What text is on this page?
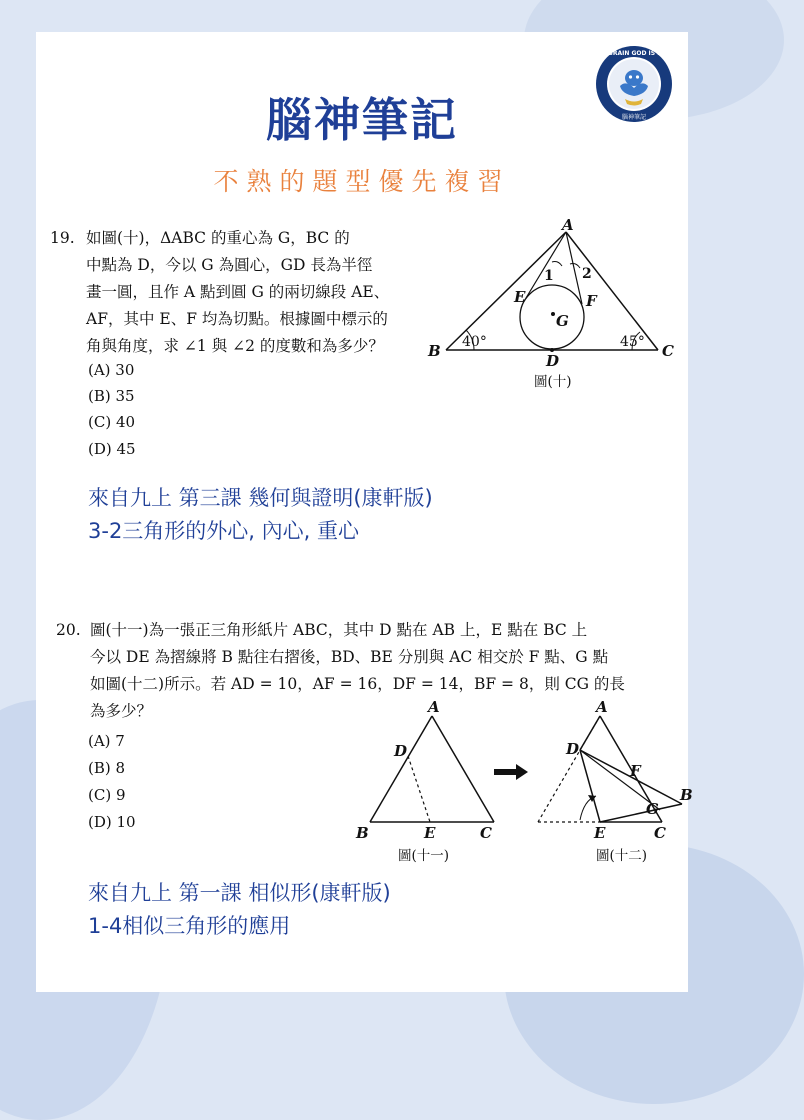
THE BRAIN GOD IS HERE
腦神筆記
腦神筆記
不熟的題型優先複習
19. 如圖(十)，ΔABC 的重心為 G，BC 的
中點為 D，今以 G 為圓心，GD 長為半徑
畫一圓，且作 A 點到圓 G 的兩切線段 AE、
AF，其中 E、F 均為切點。根據圖中標示的
角與角度，求 ∠1 與 ∠2 的度數和為多少？
(A) 30
(B) 35
(C) 40
(D) 45
A
B	C
D
E	F
G
1 2
40°	45°
圖(十)
來自九上 第三課 幾何與證明(康軒版)
3-2三角形的外心, 內心, 重心
20. 圖(十一)為一張正三角形紙片 ABC，其中 D 點在 AB 上，E 點在 BC 上
今以 DE 為摺線將 B 點往右摺後，BD、BE 分別與 AC 相交於 F 點、G 點
如圖(十二)所示。若 AD = 10，AF = 16，DF = 14，BF = 8，則 CG 的長
為多少？
(A) 7
(B) 8
(C) 9
(D) 10
A
D
B	E	C
圖(十一)
A
D
F
B
G
E	C
圖(十二)
來自九上 第一課 相似形(康軒版)
1-4相似三角形的應用
